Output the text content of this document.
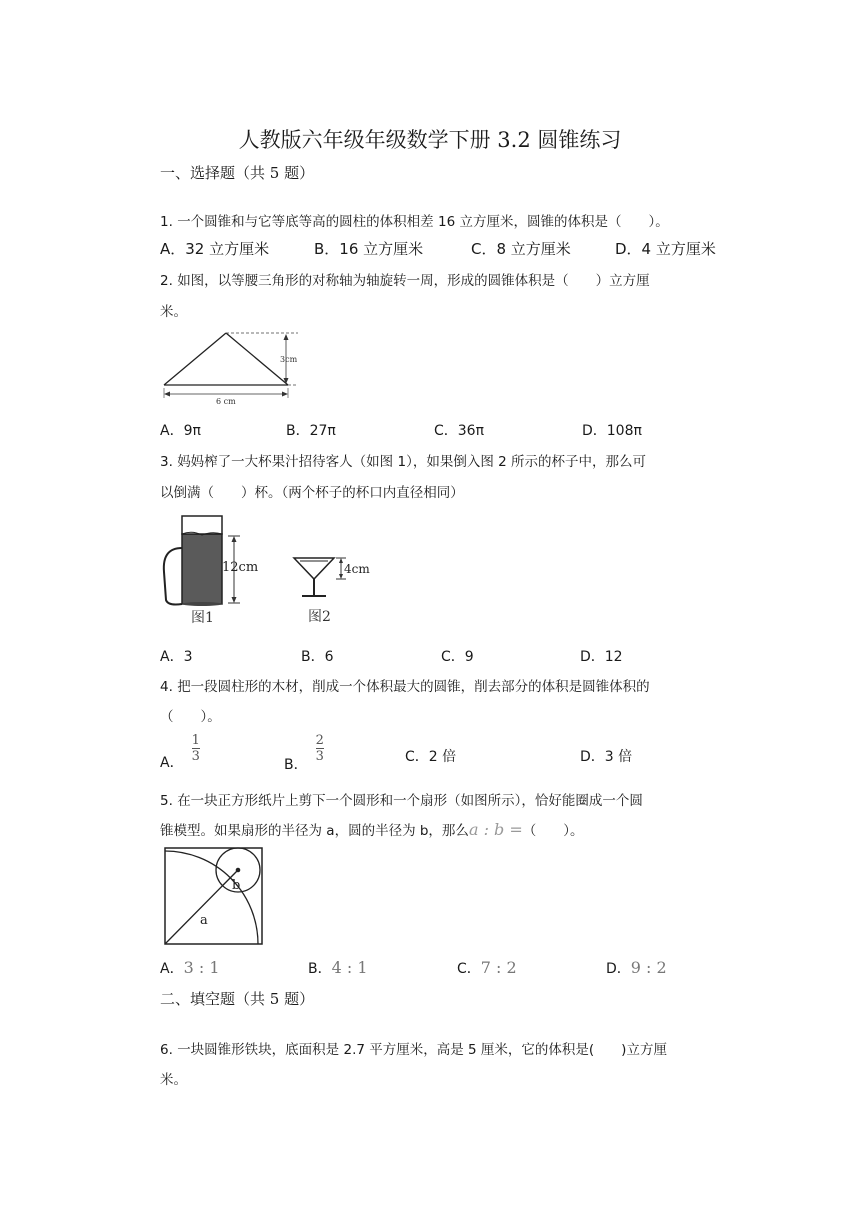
人教版六年级年级数学下册 3.2 圆锥练习
一、选择题（共 5 题）
1. 一个圆锥和与它等底等高的圆柱的体积相差 16 立方厘米，圆锥的体积是（　　）。
A．32 立方厘米	B．16 立方厘米	C．8 立方厘米	D．4 立方厘米
2. 如图，以等腰三角形的对称轴为轴旋转一周，形成的圆锥体积是（　　）立方厘
米。
3cm
6 cm
A．9π	B．27π	C．36π	D．108π
3. 妈妈榨了一大杯果汁招待客人（如图 1），如果倒入图 2 所示的杯子中，那么可
以倒满（　　）杯。（两个杯子的杯口内直径相同）
12cm
图1
4cm
图2
A．3	B．6	C．9	D．12
4. 把一段圆柱形的木材，削成一个体积最大的圆锥，削去部分的体积是圆锥体积的
（　　）。
A． $\frac{1}{3}$
B．$\frac{2}{3}$	C．2 倍	D．3 倍
5. 在一块正方形纸片上剪下一个圆形和一个扇形（如图所示），恰好能圈成一个圆
锥模型。如果扇形的半径为 a，圆的半径为 b，那么a : b =（　　）。
b
a
A．3 : 1	B．4 : 1	C．7 : 2	D．9 : 2
二、填空题（共 5 题）
6. 一块圆锥形铁块，底面积是 2.7 平方厘米，高是 5 厘米，它的体积是(　　)立方厘
米。
